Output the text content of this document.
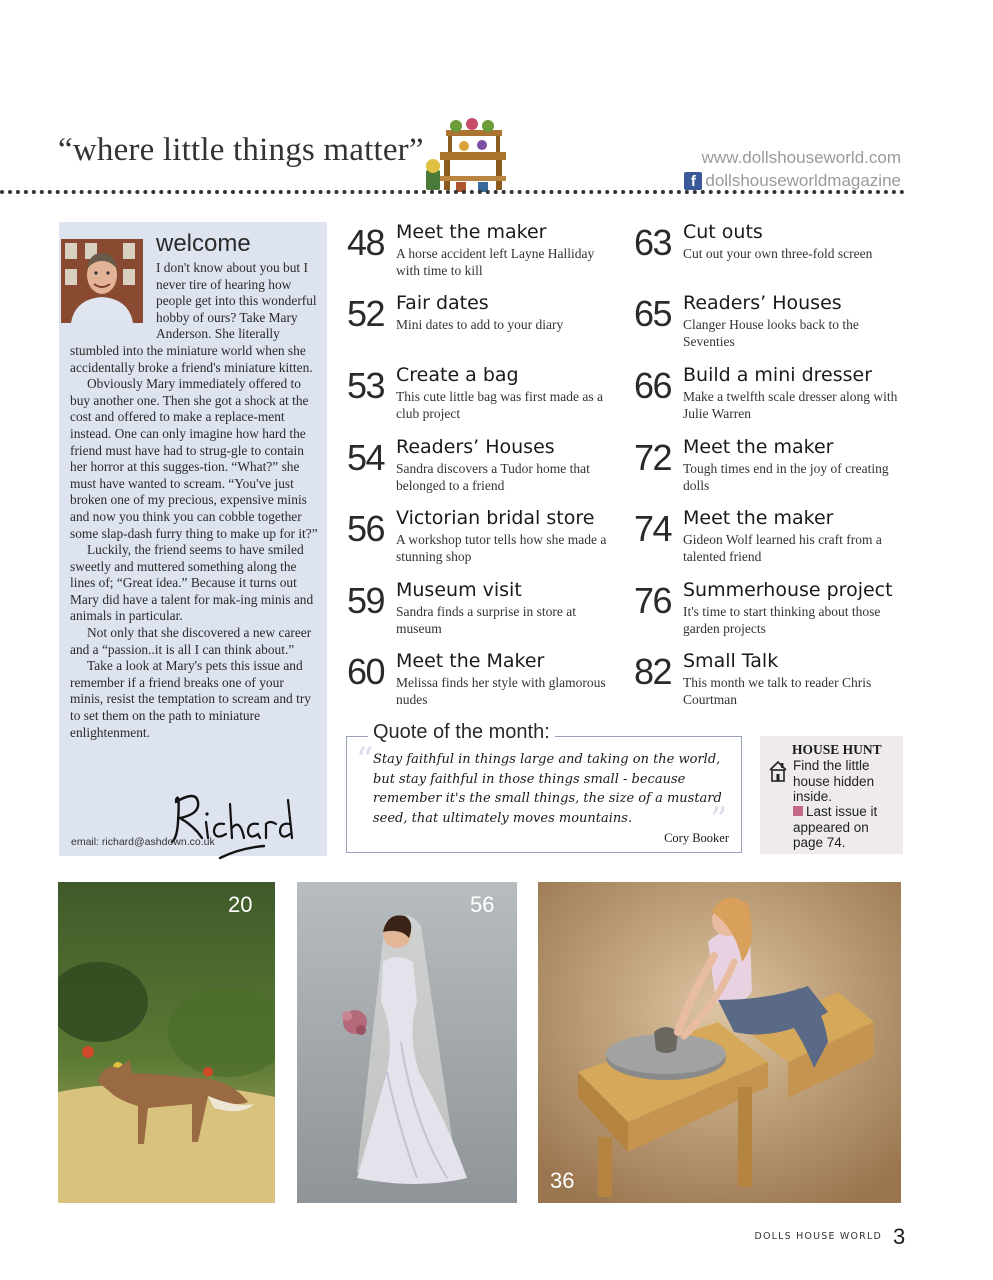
“where little things matter”	www.dollshouseworld.com
f dollshouseworldmagazine
welcome

I don't know about you but I never tire of hearing how people get into this wonderful hobby of ours? Take Mary Anderson. She literally stumbled into the miniature world when she accidentally broke a friend's miniature kitten.

Obviously Mary immediately offered to buy another one. Then she got a shock at the cost and offered to make a replace-ment instead. One can only imagine how hard the friend must have had to strug-gle to contain her horror at this sugges-tion. “What?” she must have wanted to scream. “You've just broken one of my precious, expensive minis and now you think you can cobble together some slap-dash furry thing to make up for it?”

Luckily, the friend seems to have smiled sweetly and muttered something along the lines of; “Great idea.” Because it turns out Mary did have a talent for mak-ing minis and animals in particular.

Not only that she discovered a new career and a “passion..it is all I can think about.”

Take a look at Mary's pets this issue and remember if a friend breaks one of your minis, resist the temptation to scream and try to set them on the path to miniature enlightenment.

email: richard@ashdown.co.uk
48 Meet the maker
A horse accident left Layne Halliday with time to kill
52 Fair dates
Mini dates to add to your diary
53 Create a bag
This cute little bag was first made as a club project
54 Readers’ Houses
Sandra discovers a Tudor home that belonged to a friend
56 Victorian bridal store
A workshop tutor tells how she made a stunning shop
59 Museum visit
Sandra finds a surprise in store at museum
60 Meet the Maker
Melissa finds her style with glamorous nudes
63 Cut outs
Cut out your own three-fold screen
65 Readers’ Houses
Clanger House looks back to the Seventies
66 Build a mini dresser
Make a twelfth scale dresser along with Julie Warren
72 Meet the maker
Tough times end in the joy of creating dolls
74 Meet the maker
Gideon Wolf learned his craft from a talented friend
76 Summerhouse project
It's time to start thinking about those garden projects
82 Small Talk
This month we talk to reader Chris Courtman
Quote of the month:
“ Stay faithful in things large and taking on the world, but stay faithful in those things small - because remember it's the small things, the size of a mustard seed, that ultimately moves mountains.	”
Cory Booker
HOUSE HUNT
Find the little house hidden inside.
Last issue it appeared on page 74.
20	56
36
DOLLS HOUSE WORLD 3
